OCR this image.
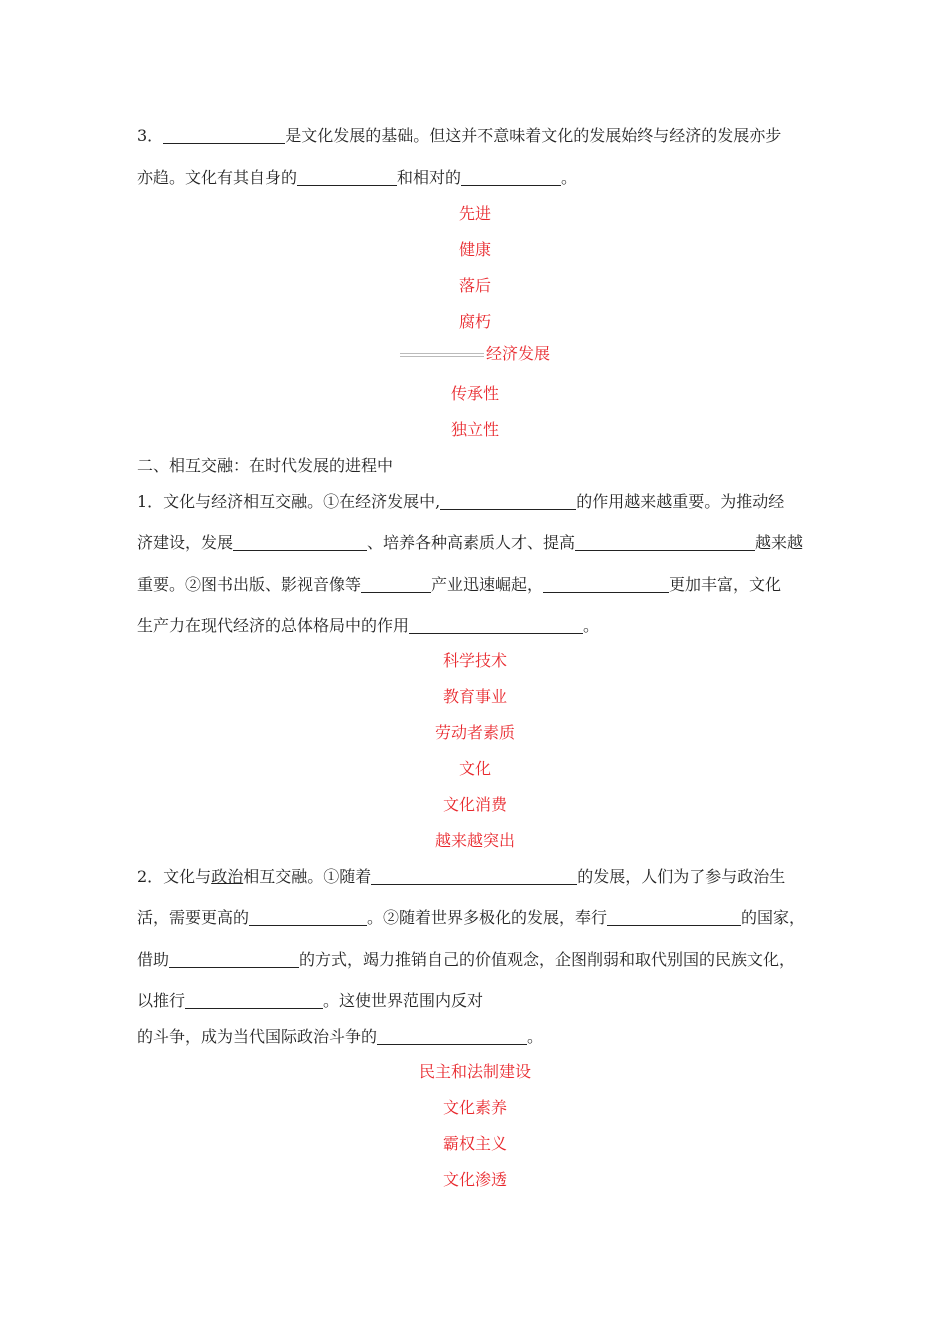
3．	是文化发展的基础。但这并不意味着文化的发展始终与经济的发展亦步
亦趋。文化有其自身的	和相对的	。
先进
健康
落后
腐朽
经济发展
传承性
独立性
二、相互交融：在时代发展的进程中
1．文化与经济相互交融。①在经济发展中,	的作用越来越重要。为推动经
济建设，发展	、培养各种高素质人才、提高	越来越
重要。②图书出版、影视音像等	产业迅速崛起，	更加丰富，文化
生产力在现代经济的总体格局中的作用	。
科学技术
教育事业
劳动者素质
文化
文化消费
越来越突出
2．文化与政治相互交融。①随着	的发展，人们为了参与政治生
活，需要更高的	。②随着世界多极化的发展，奉行	的国家，
借助	的方式，竭力推销自己的价值观念，企图削弱和取代别国的民族文化，
以推行	。这使世界范围内反对
的斗争，成为当代国际政治斗争的	。
民主和法制建设
文化素养
霸权主义
文化渗透
